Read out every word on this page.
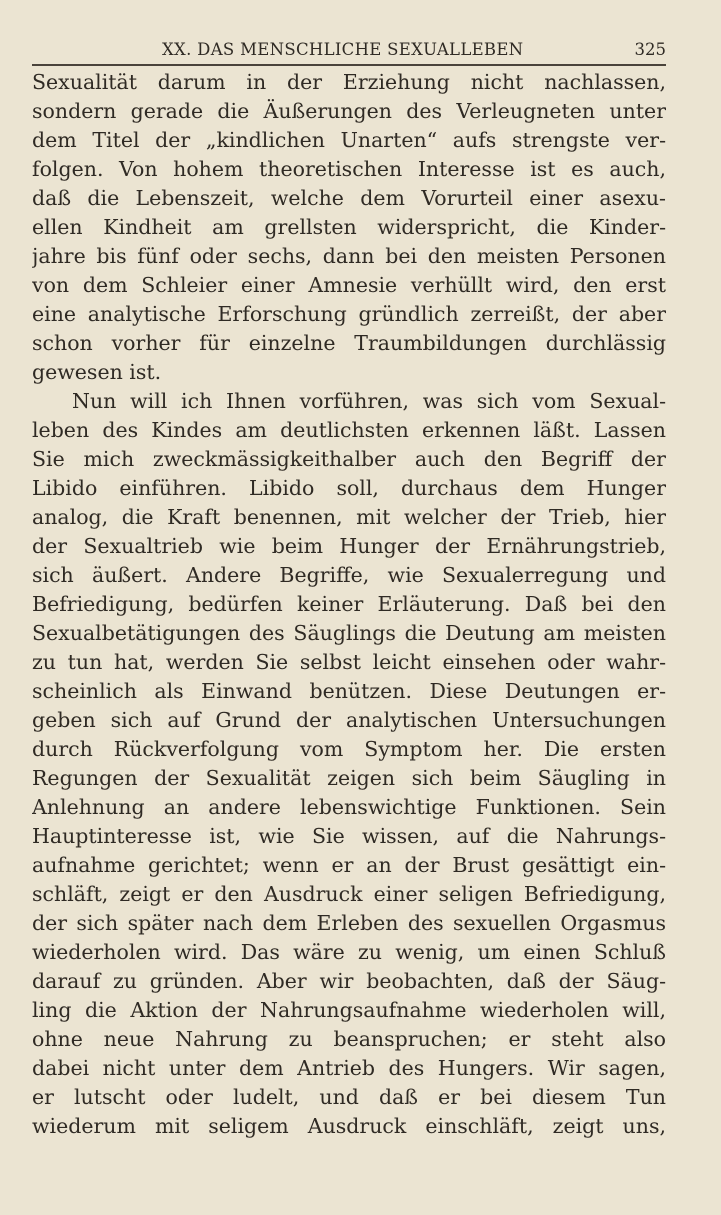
XX. DAS MENSCHLICHE SEXUALLEBEN	325
Sexualität darum in der Erziehung nicht nachlassen,
sondern gerade die Äußerungen des Verleugneten unter
dem Titel der „kindlichen Unarten“ aufs strengste ver-
folgen. Von hohem theoretischen Interesse ist es auch,
daß die Lebenszeit, welche dem Vorurteil einer asexu-
ellen Kindheit am grellsten widerspricht, die Kinder-
jahre bis fünf oder sechs, dann bei den meisten Personen
von dem Schleier einer Amnesie verhüllt wird, den erst
eine analytische Erforschung gründlich zerreißt, der aber
schon vorher für einzelne Traumbildungen durchlässig
gewesen ist.
Nun will ich Ihnen vorführen, was sich vom Sexual-
leben des Kindes am deutlichsten erkennen läßt. Lassen
Sie mich zweckmässigkeithalber auch den Begriff der
Libido einführen. Libido soll, durchaus dem Hunger
analog, die Kraft benennen, mit welcher der Trieb, hier
der Sexualtrieb wie beim Hunger der Ernährungstrieb,
sich äußert. Andere Begriffe, wie Sexualerregung und
Befriedigung, bedürfen keiner Erläuterung. Daß bei den
Sexualbetätigungen des Säuglings die Deutung am meisten
zu tun hat, werden Sie selbst leicht einsehen oder wahr-
scheinlich als Einwand benützen. Diese Deutungen er-
geben sich auf Grund der analytischen Untersuchungen
durch Rückverfolgung vom Symptom her. Die ersten
Regungen der Sexualität zeigen sich beim Säugling in
Anlehnung an andere lebenswichtige Funktionen. Sein
Hauptinteresse ist, wie Sie wissen, auf die Nahrungs-
aufnahme gerichtet; wenn er an der Brust gesättigt ein-
schläft, zeigt er den Ausdruck einer seligen Befriedigung,
der sich später nach dem Erleben des sexuellen Orgasmus
wiederholen wird. Das wäre zu wenig, um einen Schluß
darauf zu gründen. Aber wir beobachten, daß der Säug-
ling die Aktion der Nahrungsaufnahme wiederholen will,
ohne neue Nahrung zu beanspruchen; er steht also
dabei nicht unter dem Antrieb des Hungers. Wir sagen,
er lutscht oder ludelt, und daß er bei diesem Tun
wiederum mit seligem Ausdruck einschläft, zeigt uns,
